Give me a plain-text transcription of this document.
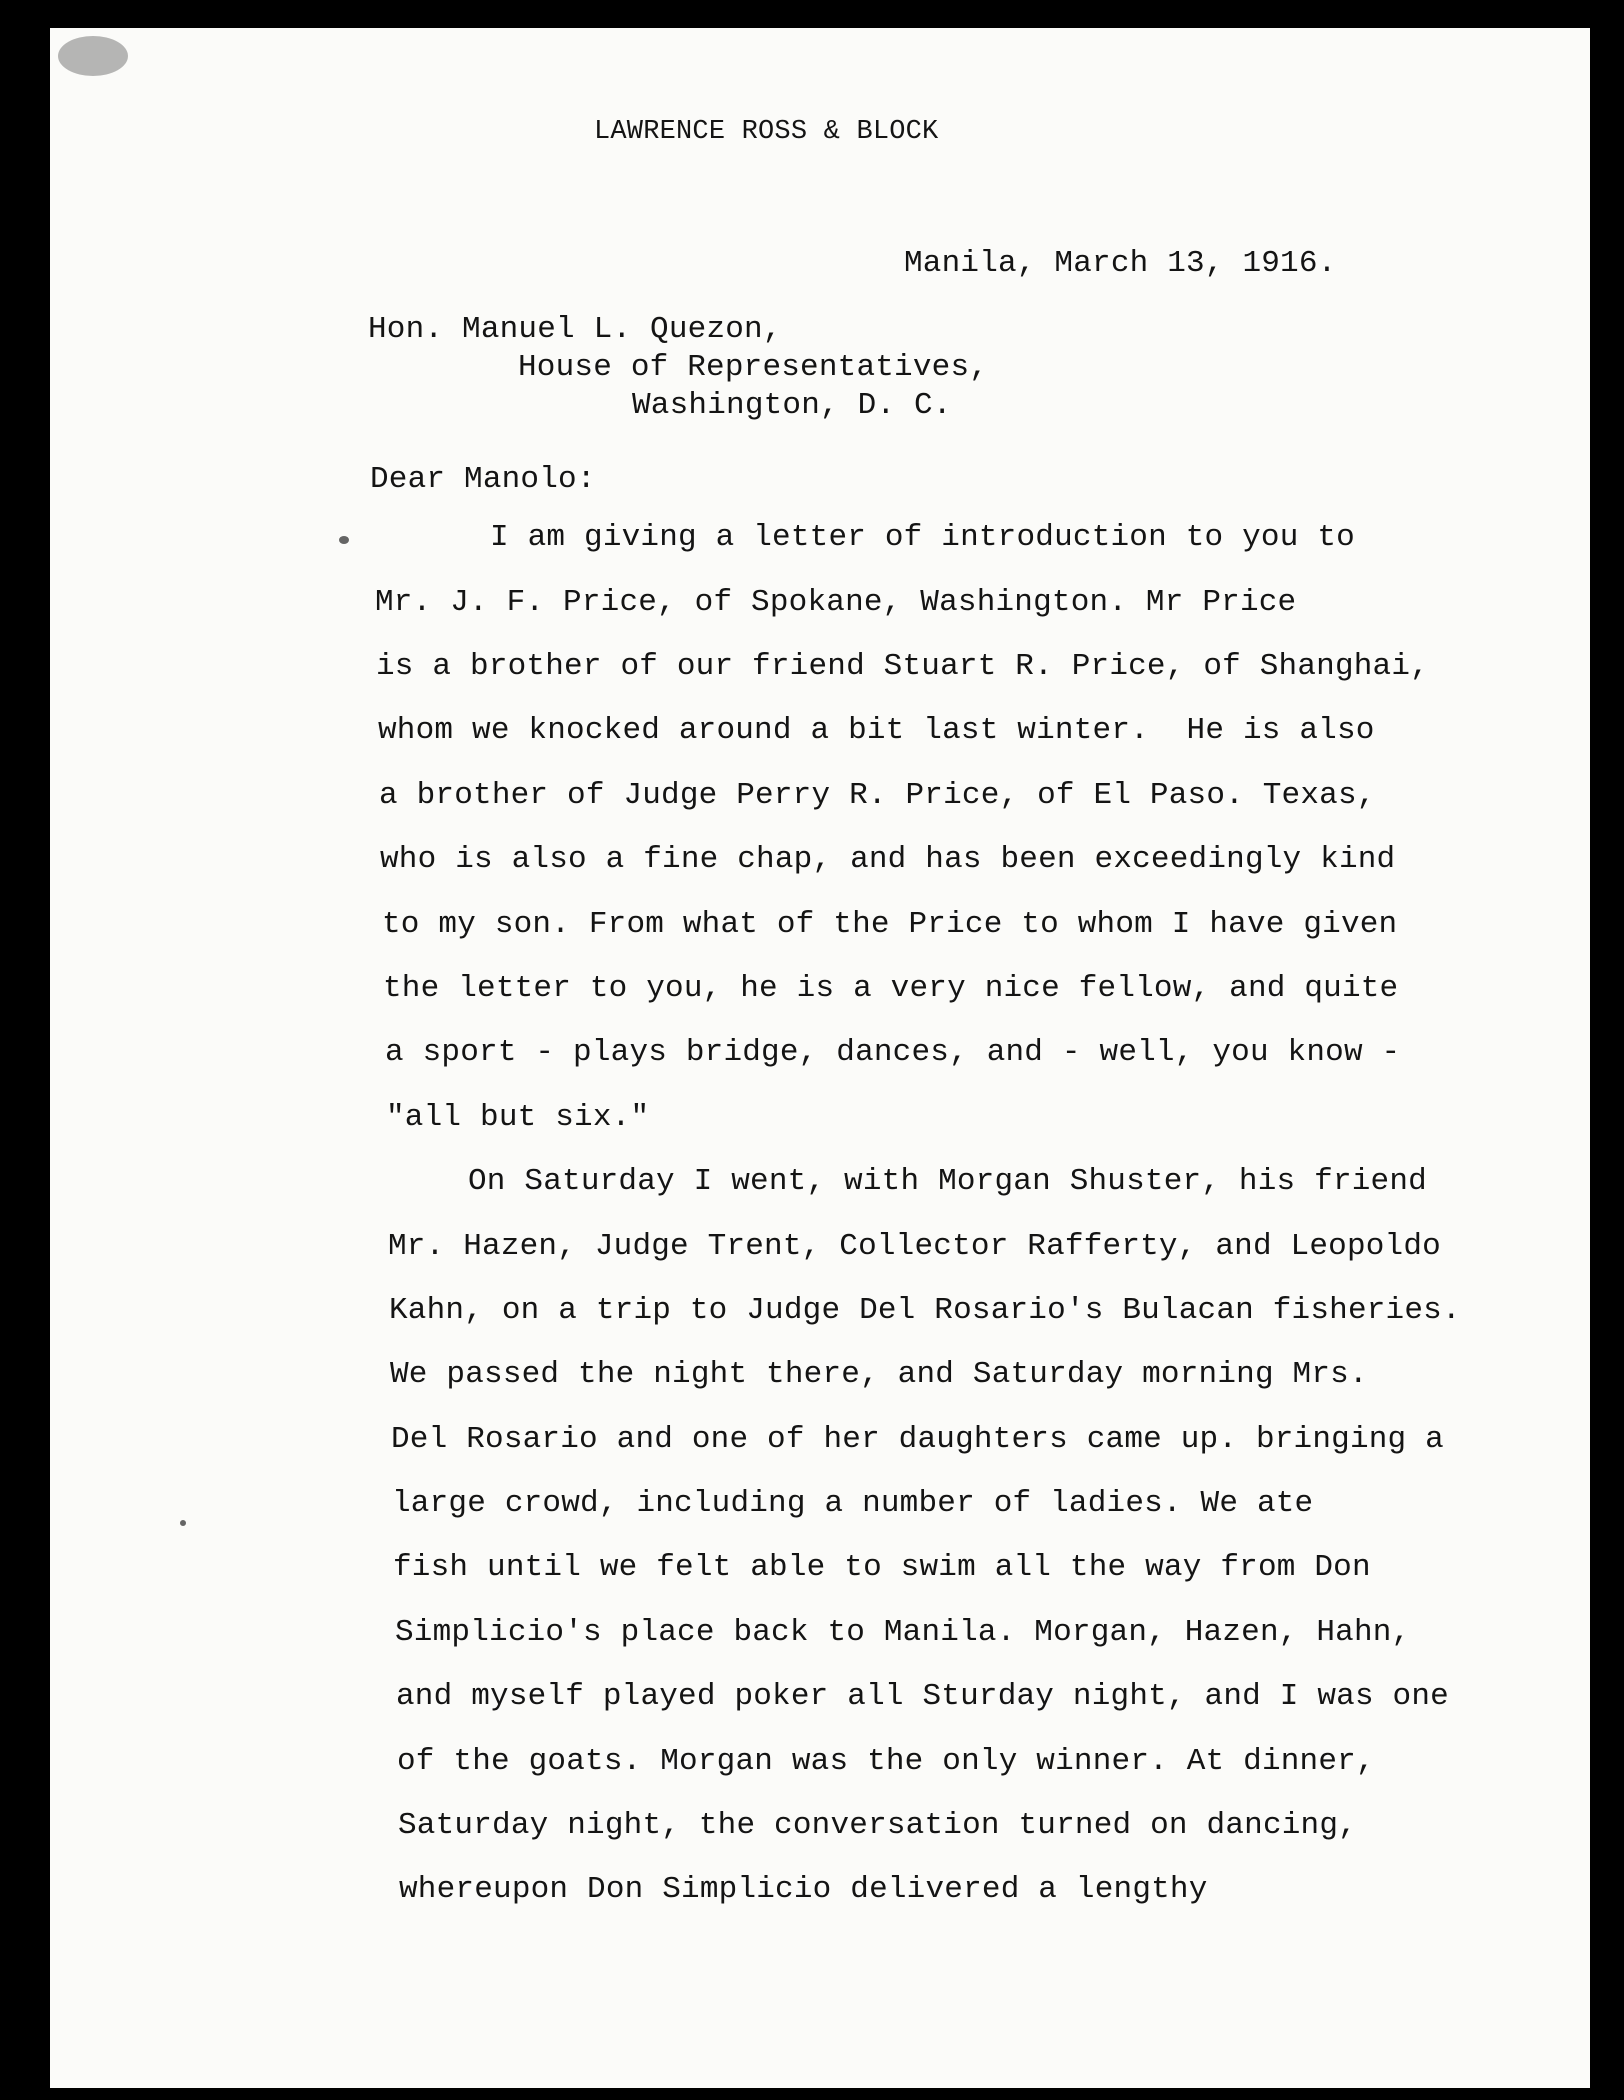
LAWRENCE ROSS & BLOCK
Manila, March 13, 1916.
Hon. Manuel L. Quezon,
House of Representatives,
Washington, D. C.
Dear Manolo:
I am giving a letter of introduction to you to
Mr. J. F. Price, of Spokane, Washington. Mr Price
is a brother of our friend Stuart R. Price, of Shanghai,
whom we knocked around a bit last winter.  He is also
a brother of Judge Perry R. Price, of El Paso. Texas,
who is also a fine chap, and has been exceedingly kind
to my son. From what of the Price to whom I have given
the letter to you, he is a very nice fellow, and quite
a sport - plays bridge, dances, and - well, you know -
"all but six."
On Saturday I went, with Morgan Shuster, his friend
Mr. Hazen, Judge Trent, Collector Rafferty, and Leopoldo
Kahn, on a trip to Judge Del Rosario's Bulacan fisheries.
We passed the night there, and Saturday morning Mrs.
Del Rosario and one of her daughters came up. bringing a
large crowd, including a number of ladies. We ate
fish until we felt able to swim all the way from Don
Simplicio's place back to Manila. Morgan, Hazen, Hahn,
and myself played poker all Sturday night, and I was one
of the goats. Morgan was the only winner. At dinner,
Saturday night, the conversation turned on dancing,
whereupon Don Simplicio delivered a lengthy
